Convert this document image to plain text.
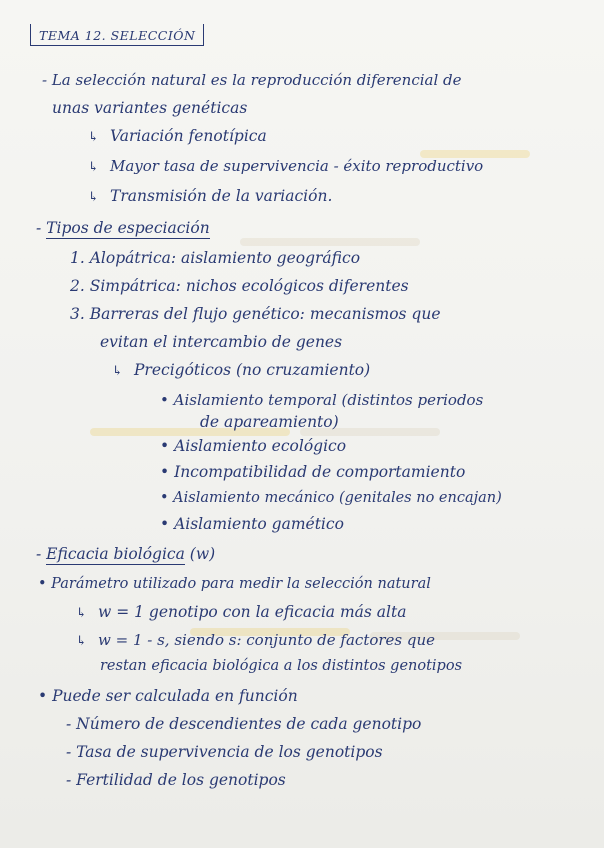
TEMA 12. SELECCIÓN
- La selección natural es la reproducción diferencial de
unas variantes genéticas
↳ Variación fenotípica
↳ Mayor tasa de supervivencia - éxito reproductivo
↳ Transmisión de la variación.
- Tipos de especiación
1. Alopátrica: aislamiento geográfico
2. Simpátrica: nichos ecológicos diferentes
3. Barreras del flujo genético: mecanismos que
evitan el intercambio de genes
↳ Precigóticos (no cruzamiento)
• Aislamiento temporal (distintos periodos
de apareamiento)
• Aislamiento ecológico
• Incompatibilidad de comportamiento
• Aislamiento mecánico (genitales no encajan)
• Aislamiento gamético
- Eficacia biológica (w)
• Parámetro utilizado para medir la selección natural
↳ w = 1 genotipo con la eficacia más alta
↳ w = 1 - s, siendo s: conjunto de factores que
restan eficacia biológica a los distintos genotipos
• Puede ser calculada en función
- Número de descendientes de cada genotipo
- Tasa de supervivencia de los genotipos
- Fertilidad de los genotipos
